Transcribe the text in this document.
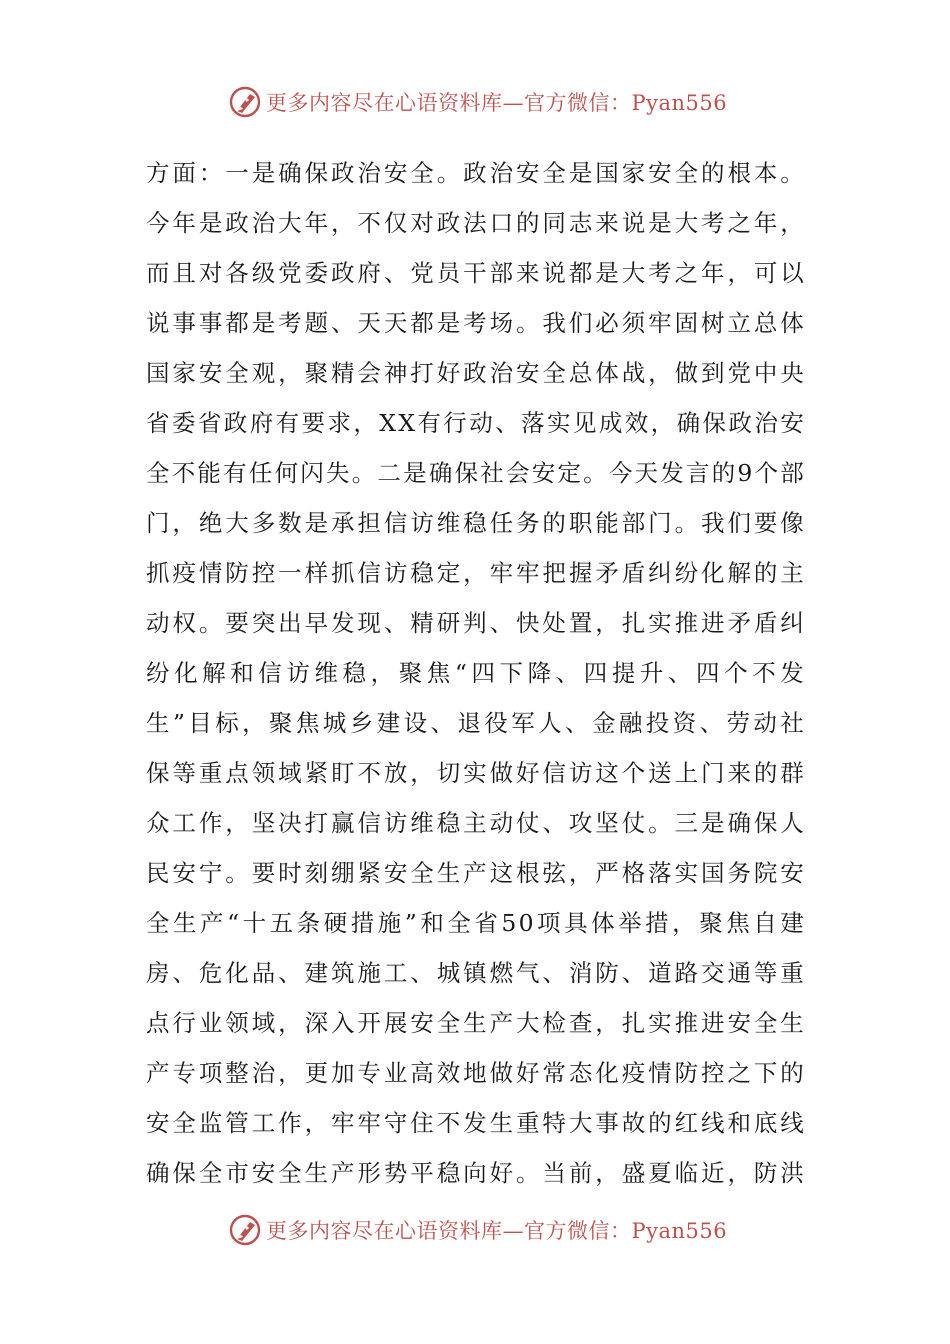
更多内容尽在心语资料库—官方微信：Pyan556
方面：一是确保政治安全。政治安全是国家安全的根本。
今年是政治大年，不仅对政法口的同志来说是大考之年，
而且对各级党委政府、党员干部来说都是大考之年，可以
说事事都是考题、天天都是考场。我们必须牢固树立总体
国家安全观，聚精会神打好政治安全总体战，做到党中央
省委省政府有要求，XX有行动、落实见成效，确保政治安
全不能有任何闪失。二是确保社会安定。今天发言的9个部
门，绝大多数是承担信访维稳任务的职能部门。我们要像
抓疫情防控一样抓信访稳定，牢牢把握矛盾纠纷化解的主
动权。要突出早发现、精研判、快处置，扎实推进矛盾纠
纷化解和信访维稳，聚焦“四下降、四提升、四个不发
生”目标，聚焦城乡建设、退役军人、金融投资、劳动社
保等重点领域紧盯不放，切实做好信访这个送上门来的群
众工作，坚决打赢信访维稳主动仗、攻坚仗。三是确保人
民安宁。要时刻绷紧安全生产这根弦，严格落实国务院安
全生产“十五条硬措施”和全省50项具体举措，聚焦自建
房、危化品、建筑施工、城镇燃气、消防、道路交通等重
点行业领域，深入开展安全生产大检查，扎实推进安全生
产专项整治，更加专业高效地做好常态化疫情防控之下的
安全监管工作，牢牢守住不发生重特大事故的红线和底线
确保全市安全生产形势平稳向好。当前，盛夏临近，防洪
更多内容尽在心语资料库—官方微信：Pyan556
